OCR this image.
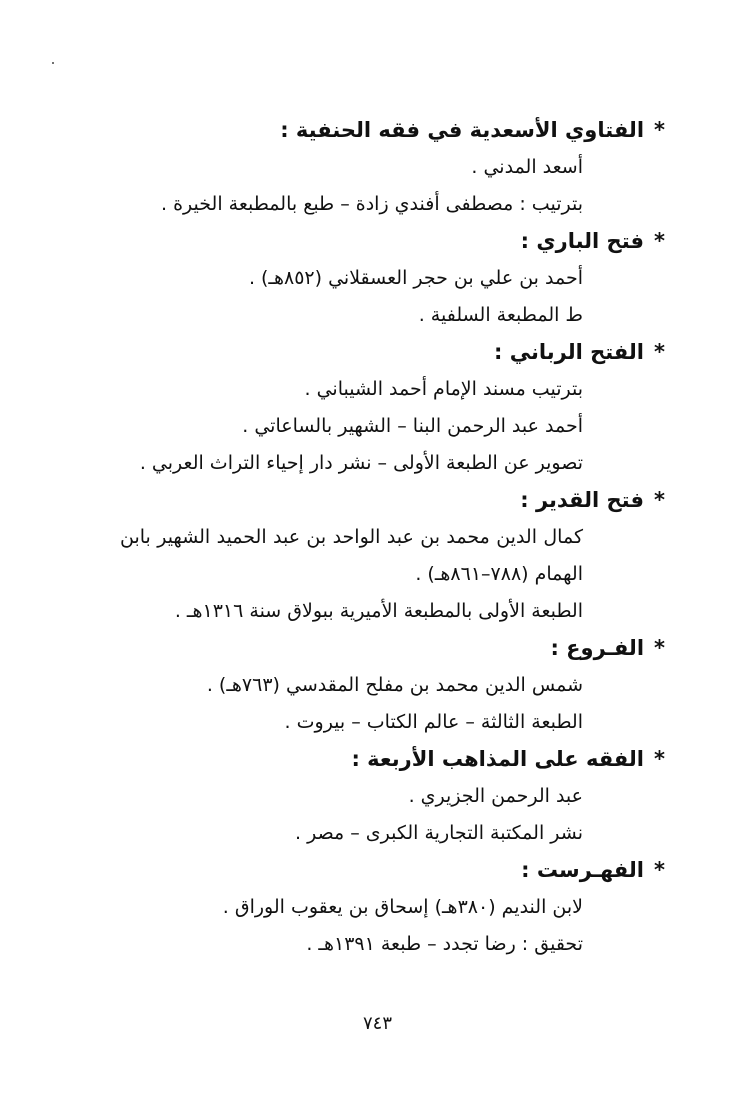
*الفتاوي الأسعدية في فقه الحنفية :
أسعد المدني .
بترتيب : مصطفى أفندي زادة – طبع بالمطبعة الخيرة .
*فتح الباري :
أحمد بن علي بن حجر العسقلاني (٨٥٢هـ) .
ط المطبعة السلفية .
*الفتح الرباني :
بترتيب مسند الإمام أحمد الشيباني .
أحمد عبد الرحمن البنا – الشهير بالساعاتي .
تصوير عن الطبعة الأولى – نشر دار إحياء التراث العربي .
*فتح القدير :
كمال الدين محمد بن عبد الواحد بن عبد الحميد الشهير بابن الهمام (٧٨٨–٨٦١هـ) .
الطبعة الأولى بالمطبعة الأميرية ببولاق سنة ١٣١٦هـ .
*الفـروع :
شمس الدين محمد بن مفلح المقدسي (٧٦٣هـ) .
الطبعة الثالثة – عالم الكتاب – بيروت .
*الفقه على المذاهب الأربعة :
عبد الرحمن الجزيري .
نشر المكتبة التجارية الكبرى – مصر .
*الفهـرست :
لابن النديم (٣٨٠هـ) إسحاق بن يعقوب الوراق .
تحقيق : رضا تجدد – طبعة ١٣٩١هـ .
٧٤٣
